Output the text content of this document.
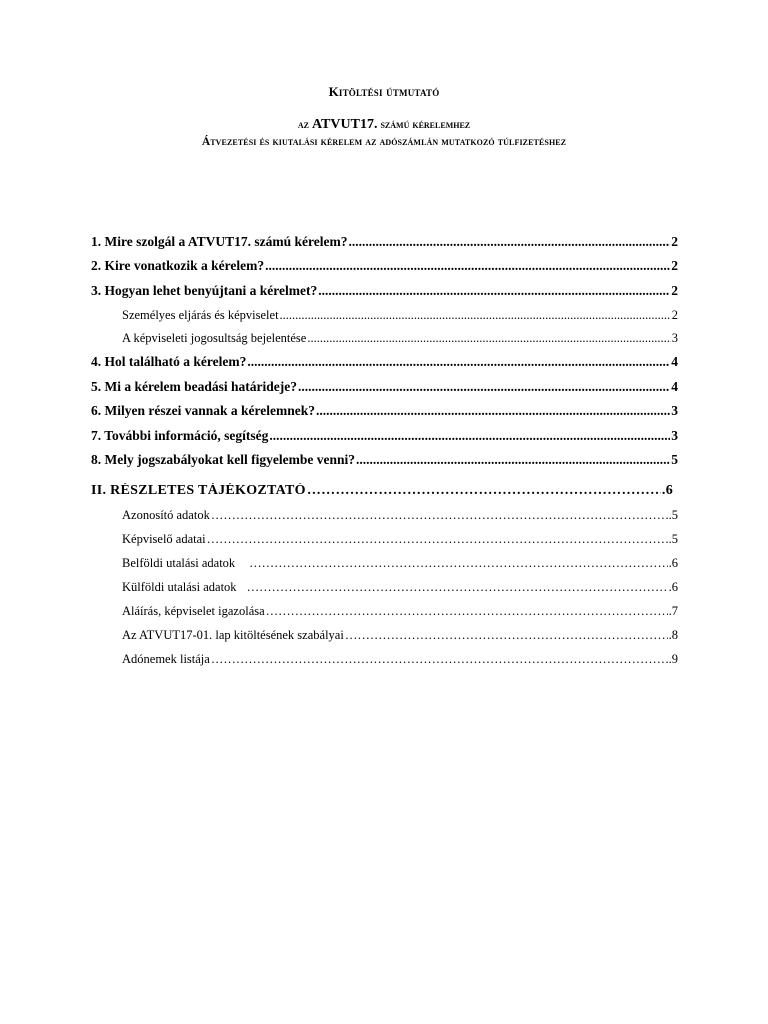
Kitöltési útmutató
az ATVUT17. számú kérelemhez
Átvezetési és kiutalási kérelem az adószámlán mutatkozó túlfizetéshez
1. Mire szolgál a ATVUT17. számú kérelem? .....	2
2. Kire vonatkozik a kérelem? .....	2
3. Hogyan lehet benyújtani a kérelmet? .....	2
Személyes eljárás és képviselet .....	2
A képviseleti jogosultság bejelentése .....	3
4. Hol található a kérelem? .....	4
5. Mi a kérelem beadási határideje? .....	4
6. Milyen részei vannak a kérelemnek? .....	3
7. További információ, segítség .....	3
8. Mely jogszabályokat kell figyelembe venni? .....	5
II. RÉSZLETES TÁJÉKOZTATÓ …………………………………………………………………………………………………………………………………………………………………………………………………………………	.6
Azonosító adatok …………………………………………………………………………………………………………………………………………………………………………………………………………………	.5
Képviselő adatai …………………………………………………………………………………………………………………………………………………………………………………………………………………	.5
Belföldi utalási adatok …………………………………………………………………………………………………………………………………………………………………………………………………………………	.6
Külföldi utalási adatok …………………………………………………………………………………………………………………………………………………………………………………………………………………	.6
Aláírás, képviselet igazolása …………………………………………………………………………………………………………………………………………………………………………………………………………………	.7
Az ATVUT17-01. lap kitöltésének szabályai …………………………………………………………………………………………………………………………………………………………………………………………………………………	.8
Adónemek listája …………………………………………………………………………………………………………………………………………………………………………………………………………………	.9
